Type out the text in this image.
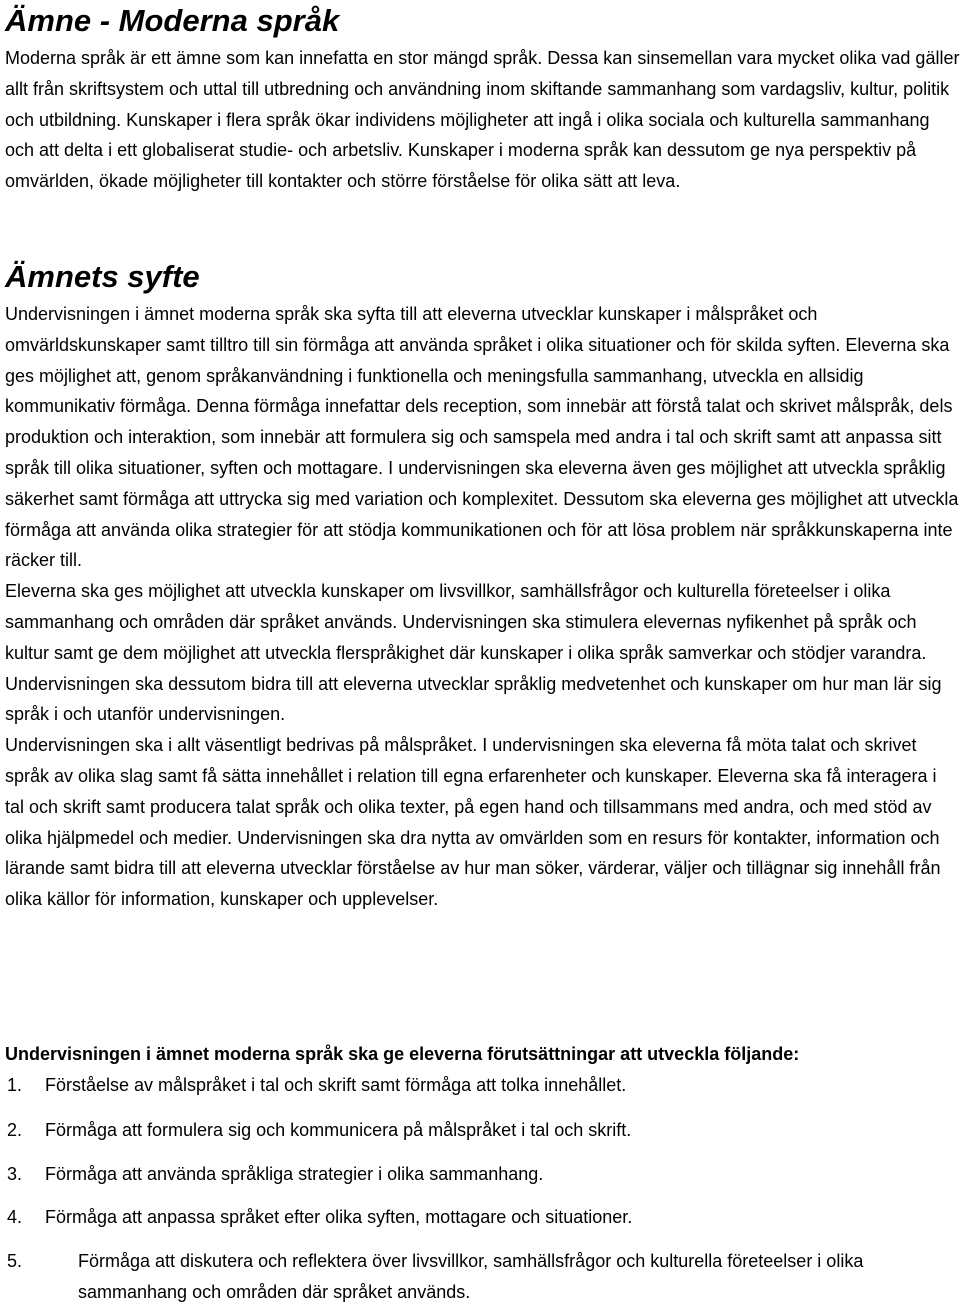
Ämne - Moderna språk

Moderna språk är ett ämne som kan innefatta en stor mängd språk. Dessa kan sinsemellan vara mycket olika vad gäller allt från skriftsystem och uttal till utbredning och användning inom skiftande sammanhang som vardagsliv, kultur, politik och utbildning. Kunskaper i flera språk ökar individens möjligheter att ingå i olika sociala och kulturella sammanhang och att delta i ett globaliserat studie- och arbetsliv. Kunskaper i moderna språk kan dessutom ge nya perspektiv på omvärlden, ökade möjligheter till kontakter och större förståelse för olika sätt att leva.

Ämnets syfte

Undervisningen i ämnet moderna språk ska syfta till att eleverna utvecklar kunskaper i målspråket och omvärldskunskaper samt tilltro till sin förmåga att använda språket i olika situationer och för skilda syften. Eleverna ska ges möjlighet att, genom språkanvändning i funktionella och meningsfulla sammanhang, utveckla en allsidig kommunikativ förmåga. Denna förmåga innefattar dels reception, som innebär att förstå talat och skrivet målspråk, dels produktion och interaktion, som innebär att formulera sig och samspela med andra i tal och skrift samt att anpassa sitt språk till olika situationer, syften och mottagare. I undervisningen ska eleverna även ges möjlighet att utveckla språklig säkerhet samt förmåga att uttrycka sig med variation och komplexitet. Dessutom ska eleverna ges möjlighet att utveckla förmåga att använda olika strategier för att stödja kommunikationen och för att lösa problem när språkkunskaperna inte räcker till.

Eleverna ska ges möjlighet att utveckla kunskaper om livsvillkor, samhällsfrågor och kulturella företeelser i olika sammanhang och områden där språket används. Undervisningen ska stimulera elevernas nyfikenhet på språk och kultur samt ge dem möjlighet att utveckla flerspråkighet där kunskaper i olika språk samverkar och stödjer varandra. Undervisningen ska dessutom bidra till att eleverna utvecklar språklig medvetenhet och kunskaper om hur man lär sig språk i och utanför undervisningen.

Undervisningen ska i allt väsentligt bedrivas på målspråket. I undervisningen ska eleverna få möta talat och skrivet språk av olika slag samt få sätta innehållet i relation till egna erfarenheter och kunskaper. Eleverna ska få interagera i tal och skrift samt producera talat språk och olika texter, på egen hand och tillsammans med andra, och med stöd av olika hjälpmedel och medier. Undervisningen ska dra nytta av omvärlden som en resurs för kontakter, information och lärande samt bidra till att eleverna utvecklar förståelse av hur man söker, värderar, väljer och tillägnar sig innehåll från olika källor för information, kunskaper och upplevelser.

Undervisningen i ämnet moderna språk ska ge eleverna förutsättningar att utveckla följande:
1. Förståelse av målspråket i tal och skrift samt förmåga att tolka innehållet.
2. Förmåga att formulera sig och kommunicera på målspråket i tal och skrift.
3. Förmåga att använda språkliga strategier i olika sammanhang.
4. Förmåga att anpassa språket efter olika syften, mottagare och situationer.
5.	Förmåga att diskutera och reflektera över livsvillkor, samhällsfrågor och kulturella företeelser i olika sammanhang och områden där språket används.
